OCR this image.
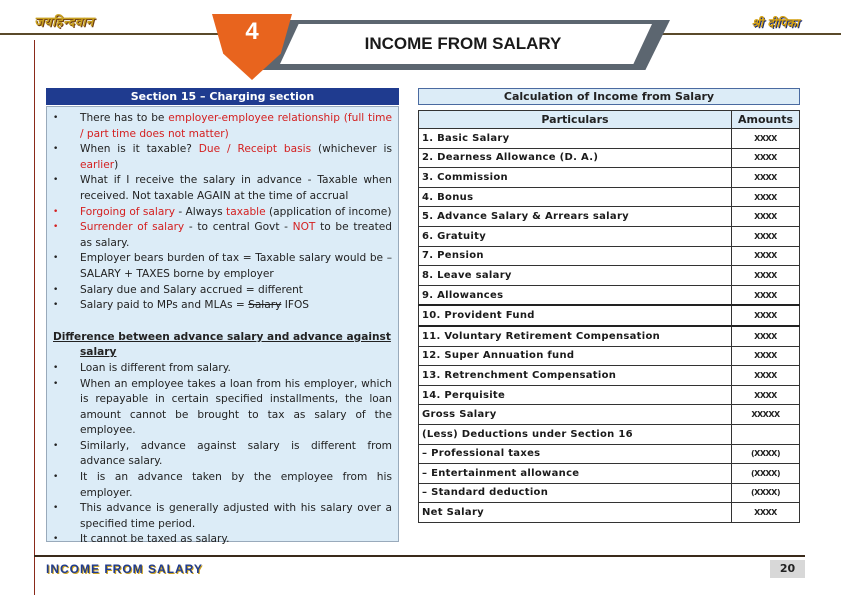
जयहिन्दवान	श्री दीपिका
INCOME FROM SALARY
4
Section 15 – Charging section
• There has to be employer-employee relationship (full time / part time does not matter)
• When is it taxable? Due / Receipt basis (whichever is earlier)
• What if I receive the salary in advance - Taxable when received. Not taxable AGAIN at the time of accrual
• Forgoing of salary - Always taxable (application of income)
• Surrender of salary - to central Govt - NOT to be treated as salary.
• Employer bears burden of tax = Taxable salary would be – SALARY + TAXES borne by employer
• Salary due and Salary accrued = different
• Salary paid to MPs and MLAs = Salary IFOS
Difference between advance salary and advance against
salary
• Loan is different from salary.
• When an employee takes a loan from his employer, which is repayable in certain specified installments, the loan amount cannot be brought to tax as salary of the employee.
• Similarly, advance against salary is different from advance salary.
• It is an advance taken by the employee from his employer.
• This advance is generally adjusted with his salary over a specified time period.
• It cannot be taxed as salary.
Calculation of Income from Salary
Particulars	Amounts
1. Basic Salary	XXXX
2. Dearness Allowance (D. A.)	XXXX
3. Commission	XXXX
4. Bonus	XXXX
5. Advance Salary & Arrears salary	XXXX
6. Gratuity	XXXX
7. Pension	XXXX
8. Leave salary	XXXX
9. Allowances	XXXX
10. Provident Fund	XXXX
11. Voluntary Retirement Compensation	XXXX
12. Super Annuation fund	XXXX
13. Retrenchment Compensation	XXXX
14. Perquisite	XXXX
Gross Salary	XXXXX
(Less) Deductions under Section 16	
– Professional taxes	(XXXX)
– Entertainment allowance	(XXXX)
– Standard deduction	(XXXX)
Net Salary	XXXX
INCOME FROM SALARY	20
